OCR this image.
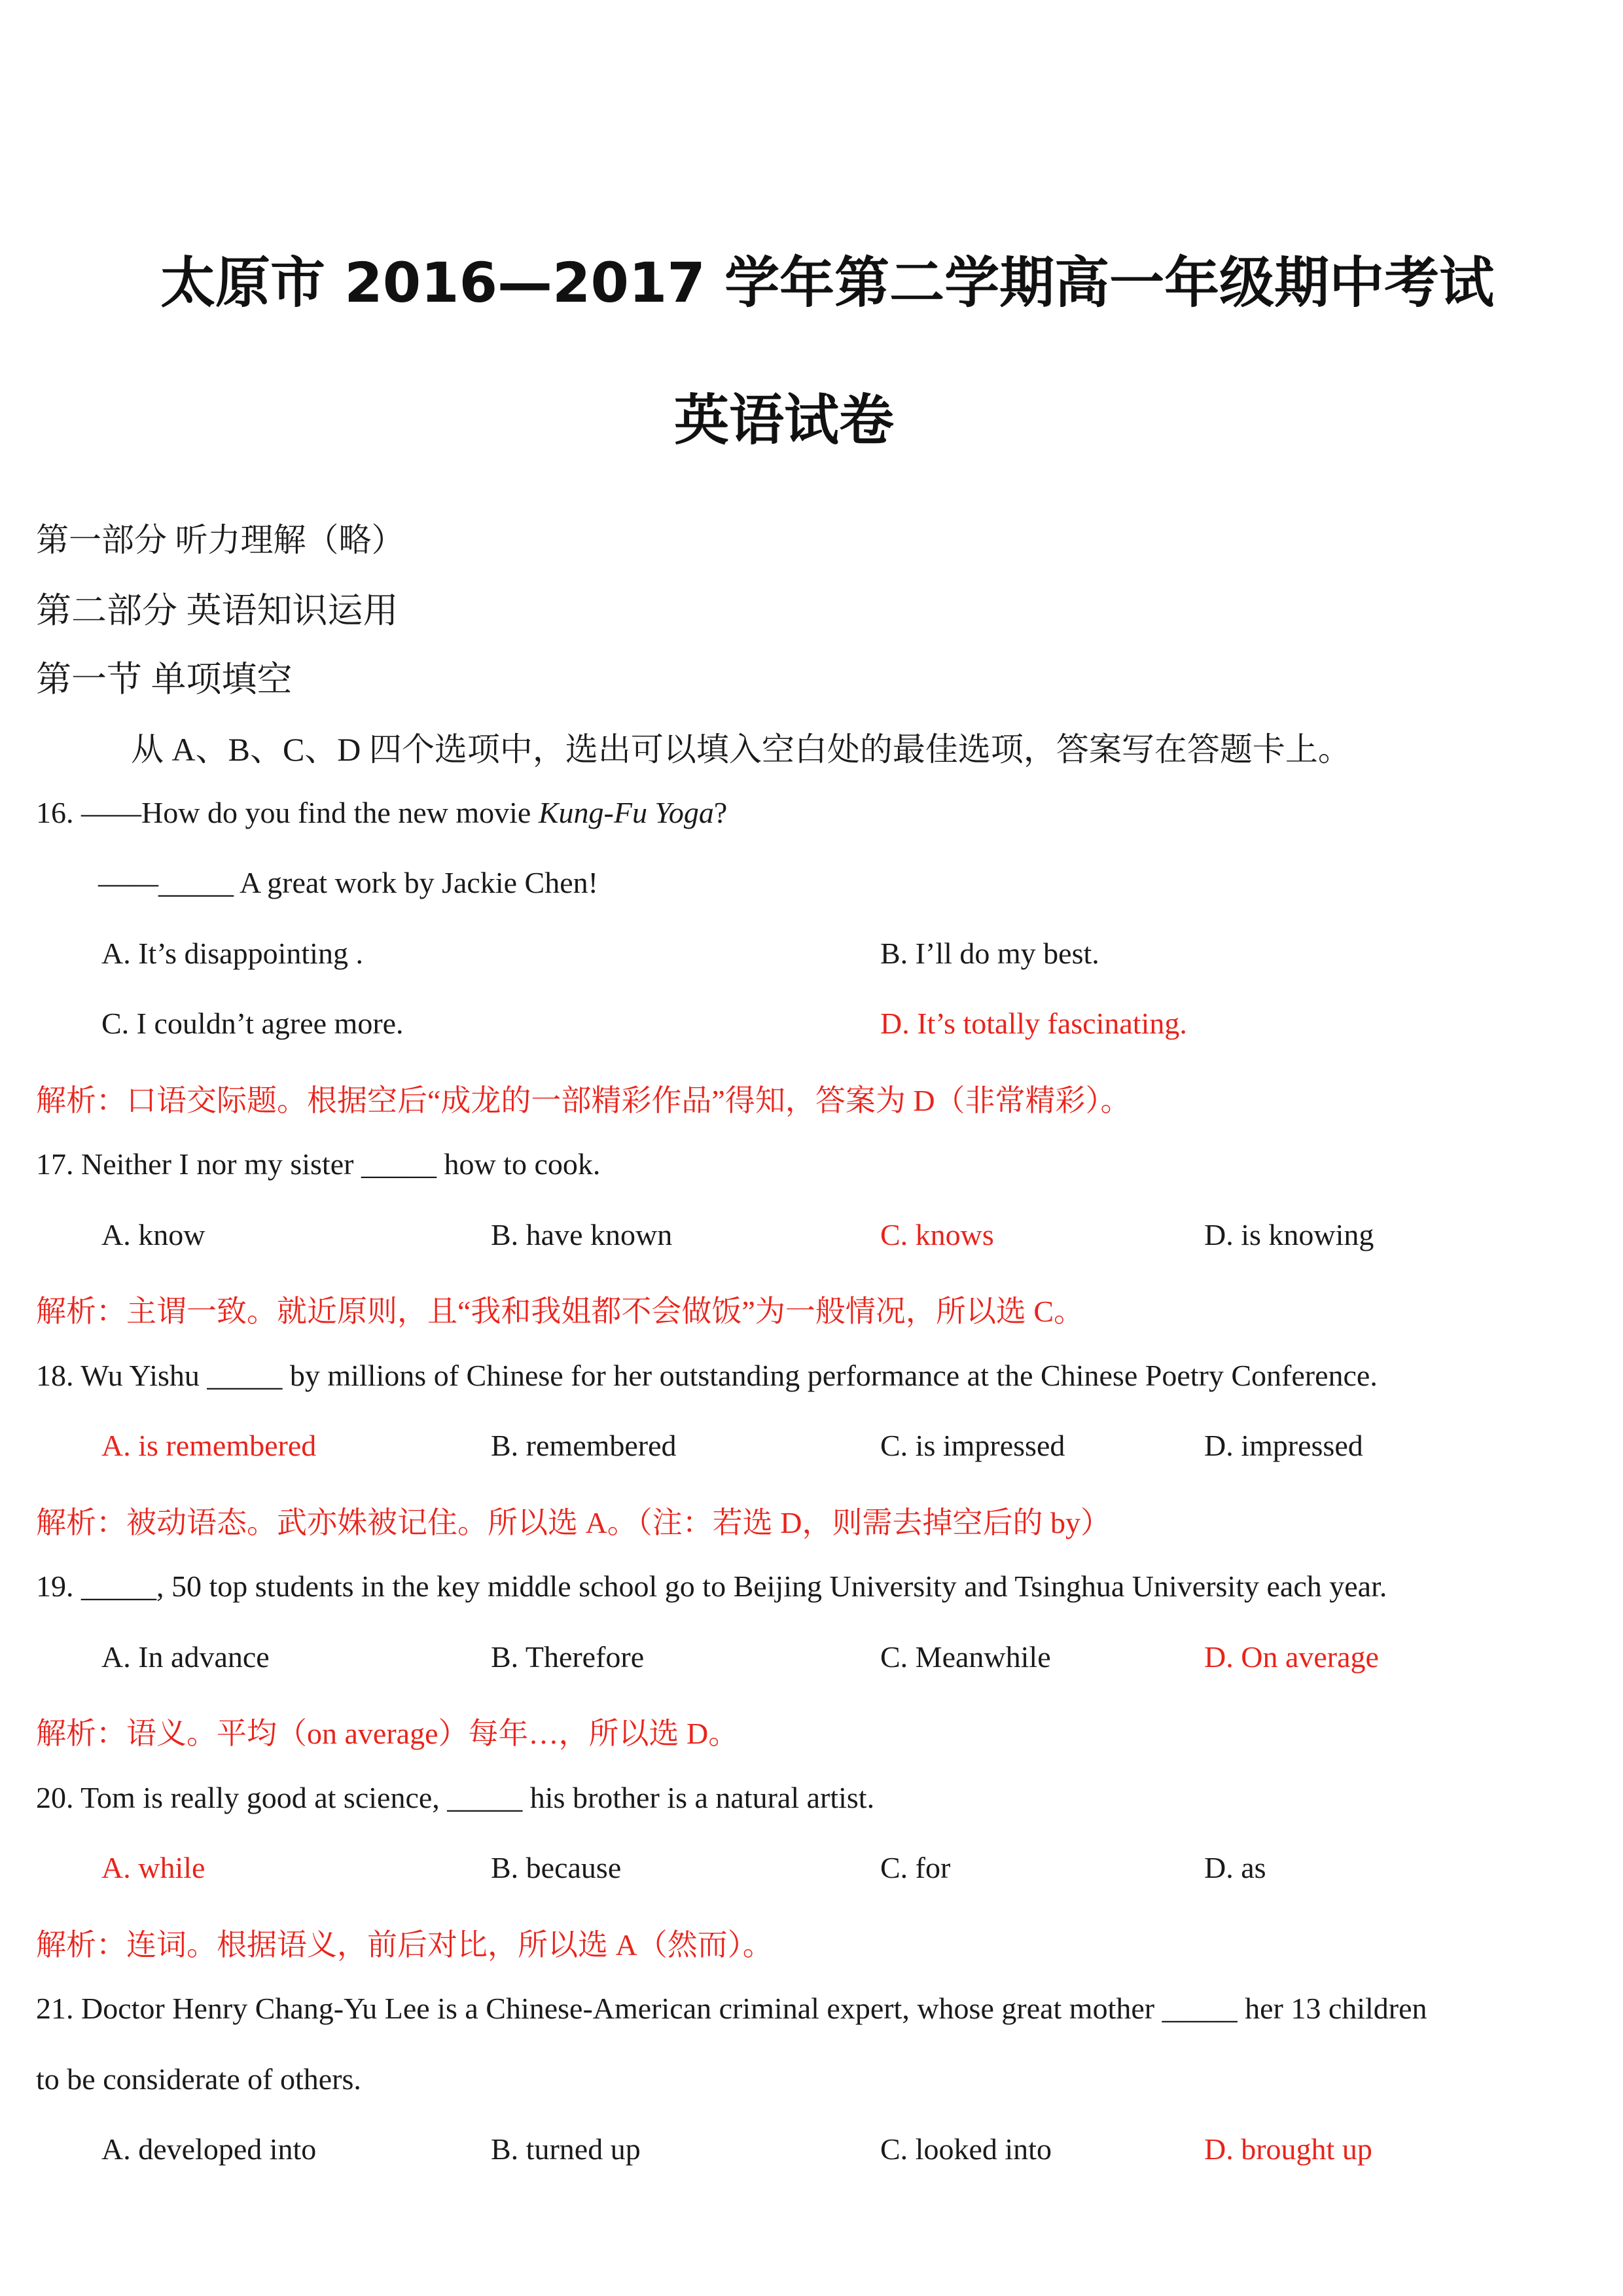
太原市 2016—2017 学年第二学期高一年级期中考试
英语试卷
第一部分 听力理解（略）
第二部分 英语知识运用
第一节 单项填空
从 A、B、C、D 四个选项中，选出可以填入空白处的最佳选项，答案写在答题卡上。
16. ——How do you find the new movie Kung-Fu Yoga?
——_____ A great work by Jackie Chen!
A. It’s disappointing .	B. I’ll do my best.
C. I couldn’t agree more.	D. It’s totally fascinating.
解析：口语交际题。根据空后“成龙的一部精彩作品”得知，答案为 D（非常精彩）。
17. Neither I nor my sister _____ how to cook.
A. know	B. have known	C. knows	D. is knowing
解析：主谓一致。就近原则，且“我和我姐都不会做饭”为一般情况，所以选 C。
18. Wu Yishu _____ by millions of Chinese for her outstanding performance at the Chinese Poetry Conference.
A. is remembered	B. remembered	C. is impressed	D. impressed
解析：被动语态。武亦姝被记住。所以选 A。（注：若选 D，则需去掉空后的 by）
19. _____, 50 top students in the key middle school go to Beijing University and Tsinghua University each year.
A. In advance	B. Therefore	C. Meanwhile	D. On average
解析：语义。平均（on average）每年…，所以选 D。
20. Tom is really good at science, _____ his brother is a natural artist.
A. while	B. because	C. for	D. as
解析：连词。根据语义，前后对比，所以选 A（然而）。
21. Doctor Henry Chang-Yu Lee is a Chinese-American criminal expert, whose great mother _____ her 13 children
to be considerate of others.
A. developed into	B. turned up	C. looked into	D. brought up
